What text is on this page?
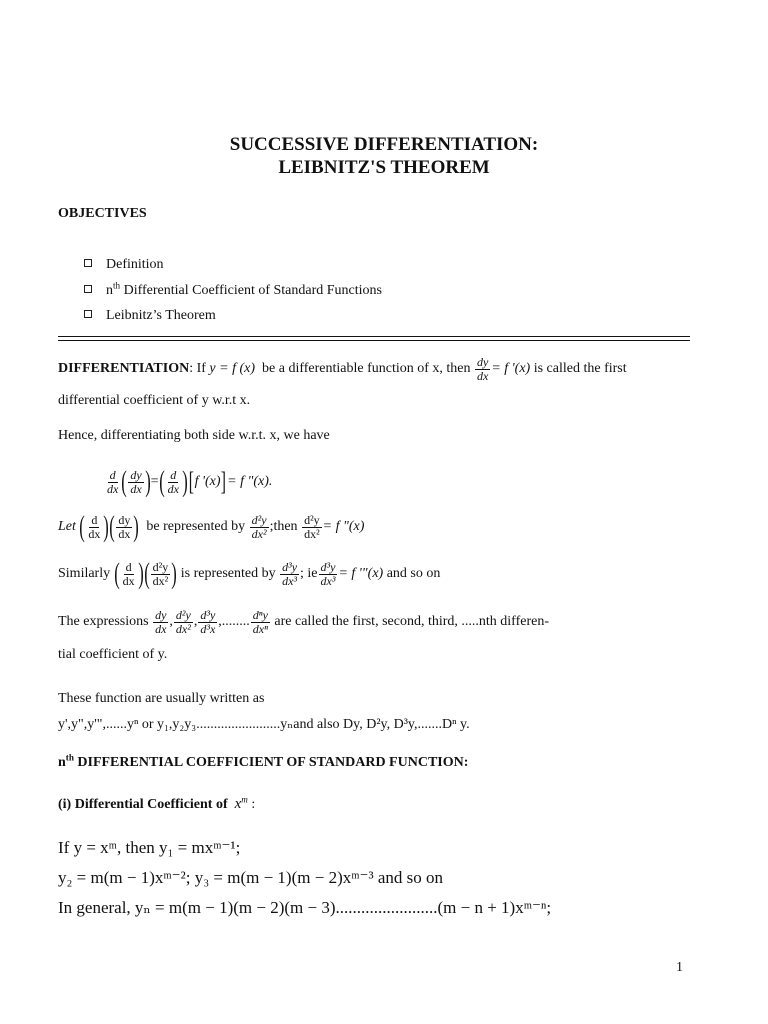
SUCCESSIVE DIFFERENTIATION:
LEIBNITZ'S THEOREM
OBJECTIVES
Definition
$n^{th}$ Differential Coefficient of Standard Functions
Leibnitz’s Theorem
DIFFERENTIATION : If
y = f (x)
be a differentiable function of x, then
$\frac{dy}{dx} = f$ '(x)
is called the first
differential coefficient of y w.r.t x.
Hence, differentiating both side w.r.t. x, we have
$\frac{d}{dx}$ ( $\frac{dy}{dx}$ ) = ( $\frac{d}{dx}$ ) [ f '(x) ] = f "(x).
Let
( $\frac{d}{dx}$ ) ( $\frac{dy}{dx}$ )
be represented by
$\frac{\text{d²y}}{\text{dx²}}$ ;then
$\frac{\text{d²y}}{\text{dx²}} = f$ "(x)
Similarly
( $\frac{d}{dx}$ ) ( $\frac{\text{d²y}}{\text{dx²}}$ )
is represented by
$\frac{\text{d³y}}{\text{dx³}}$ ; ie $\frac{\text{d³y}}{\text{dx³}} = f$ '"(x)
and so on
The expressions
$\frac{dy}{dx}$ , $\frac{\text{d²y}}{\text{dx²}}$ , $\frac{\text{d³y}}{\text{d³x}}$ ,........ $\frac{\text{dⁿy}}{\text{dxⁿ}}$
are called the first, second, third, .....nth differen-
tial coefficient of y.
These function are usually written as
y',y",y'",......yⁿ or y₁,y₂y₃........................yₙand also Dy, D²y, D³y,.......Dⁿ y.
$n^{th}$ DIFFERENTIAL COEFFICIENT OF STANDARD FUNCTION:
(i) Differential Coefficient of $x^m$ :
If y = xᵐ, then y₁ = mxᵐ⁻¹;
y₂ = m(m − 1)xᵐ⁻²; y₃ = m(m − 1)(m − 2)xᵐ⁻³ and so on
In general, yₙ = m(m − 1)(m − 2)(m − 3)........................(m − n + 1)xᵐ⁻ⁿ;
1
